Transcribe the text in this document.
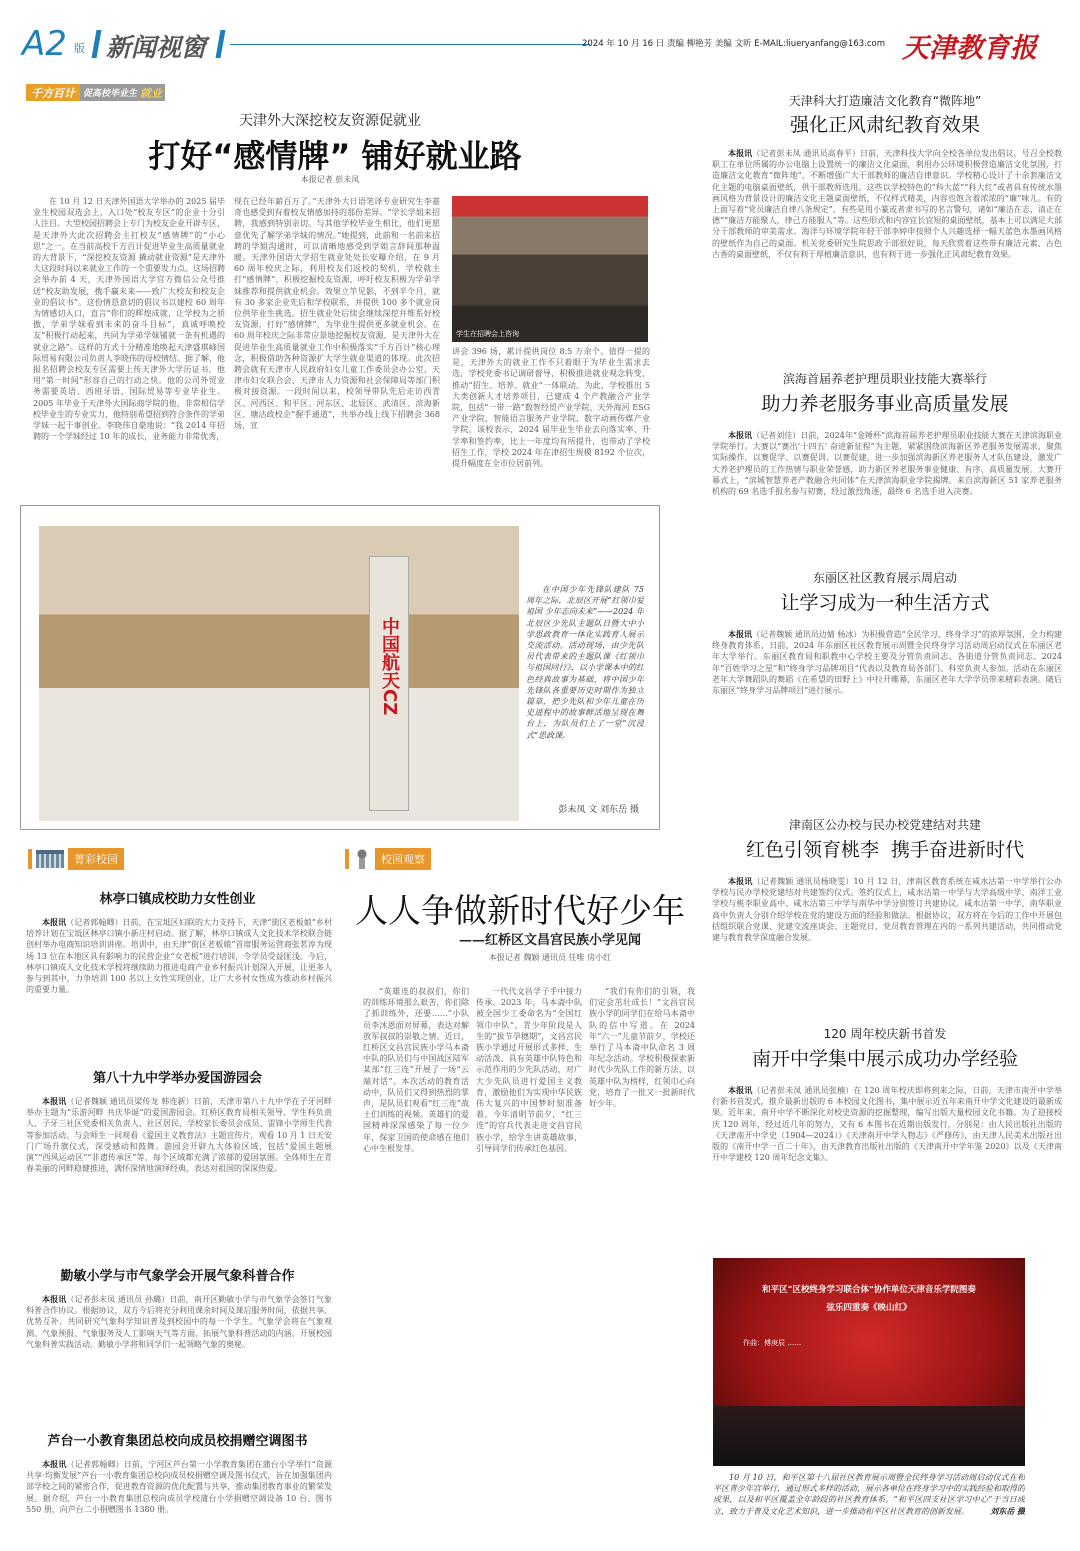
A2 版 新闻视窗	2024 年 10 月 16 日 责编 柳艳芳 美编 文昕 E-MAIL:liueryanfang@163.com 天津教育报
千方百计 促高校毕业生 就业
天津外大深挖校友资源促就业
打好“感情牌” 铺好就业路
本报记者 彭未凤
在 10 月 12 日天津外国语大学举办的 2025 届毕业生校园双选会上，入口处“校友专区”的企业十分引人注目。大型校园招聘会上专门为校友企业开辟专区，是天津外大此次招聘会主打校友“感情牌”的“小心思”之一。在当前高校千方百计促进毕业生高质量就业的大背景下，“深挖校友资源 撬动就业资源”是天津外大这段时间以来就业工作的一个重要发力点。这场招聘会举办前 4 天，天津外国语大学官方微信公众号推送“校友助发展，携手赢未来——致广大校友和校友企业的倡议书”。这份情恳意切的倡议书以建校 60 周年为情感切入口，直言“你们的辉煌成就，让学校为之骄傲，学弟学妹看到未来的奋斗目标”，真诚呼唤校友“积极行动起来，共同为学弟学妹铺就一条有机遇的就业之路”。这样的方式十分精准地唤起天津盛琪峰国际贸易有限公司负责人李晓伟的母校情结。据了解，他报名招聘会校友专区需要上传天津外大学历证书，他用“第一时间”形容自己的行动之快。他的公司外贸业务需要英语、西班牙语、国际贸易等专业毕业生。2005 年毕业于天津外大国际商学院的他，非常相信学校毕业生的专业实力，他特别希望招到符合条件的学弟学妹一起干事创业。李晓伟自豪地说：“我 2014 年招聘的一个学妹经过 10 年的成长，业务能力非常优秀，
现在已经年薪百万了。”天津外大日语笔译专业研究生李嘉奇也感受到有着校友情感加持的那份差异。“学长学姐来招聘，我感到特别亲切。与其他学校毕业生相比，他们更愿意优先了解学弟学妹的情况。”她提到，此前和一名前来招聘的学姐沟通时，可以清晰地感受到学姐言辞间那种温暖。天津外国语大学招生就业处处长安曝介绍，在 9 月 60 周年校庆之际，利用校友们返校的契机，学校就主打“感情牌”，积极挖掘校友资源，呼吁校友积极为学弟学妹推荐和提供就业机会。效果立竿见影，不到半个月，就有 30 多家企业先后和学校联系，并提供 100 多个就业岗位供毕业生挑选。招生就业处后续会继续深挖并维系好校友资源，打好“感情牌”，为毕业生提供更多就业机会。在 60 周年校庆之际非常应景地挖掘校友资源，是天津外大在促进毕业生高质量就业工作中积极落实“千方百计”核心理念，积极借助各种资源扩大学生就业渠道的体现。此次招聘会就有天津市人民政府妇女儿童工作委员会办公室、天津市妇女联合会、天津市人力资源和社会保障局等部门积极对接资源。一段时间以来，校领导带队先后走访西青区、河西区、和平区、河东区、北辰区、武清区、滨海新区、塘沽政校企“握手通道”，共举办线上线下招聘会 368 场，宣
学生在招聘会上咨询
讲会 396 场，累计提供岗位 8.5 万余个。值得一提的是，天津外大的就业工作不只着眼于为毕业生需求去选，学校党委书记调研督导，积极推进就业观念转变，推动“招生、培养、就业”一体联动。为此，学校推出 5 大类创新人才培养项目，已建成 4 个产教融合产业学院，包括“一带一路”数智经贸产业学院、天外海河 ESG 产业学院、智能语言服务产业学院、数字动画传媒产业学院。该校表示，2024 届毕业生毕业去向落实率、升学率和签约率，比上一年度均有所提升，也带动了学校招生工作，学校 2024 年在津招生规模 8192 个位次，提升幅度在全市位居前列。
中国航天CZ
在中国少年先锋队建队 75 周年之际，北辰区开展“红领巾爱祖国 少年志向未来”——2024 年北辰区少先队主题队日暨大中小学思政教育一体化实践育人展示交流活动。活动现场，由少先队员代表带来的主题队课《红领巾与祖国同行》，以小学课本中的红色经典故事为基础，将中国少年先锋队各重要历史时期作为独立篇章，把少先队和少年儿童在历史进程中的故事鲜活地呈现在舞台上，为队员们上了一堂“沉浸式”思政课。
彭未凤 文 刘东岳 摄
菁彩校园
林亭口镇成校助力女性创业
本报讯（记者郭翰卿）日前，在宝坻区妇联的大力支持下，天津“街区老板娘”乡村培养计划在宝坻区林亭口镇小新庄村启动。据了解，林亭口镇成人文化技术学校联合链创村举办电商知识培训讲座。培训中，由天津“街区老板娘”首席服务运营商张茗淳为现场 13 位在本地区具有影响力的民营企业“女老板”进行培训，令学员受益匪浅。今后，林亭口镇成人文化技术学校将继续助力推进电商产业乡村振兴计划深入开展，让更多人参与到其中，力争培训 100 名以上女性实现创业，让广大乡村女性成为推动乡村振兴的重要力量。
第八十九中学举办爱国游园会
本报讯（记者魏颖 通讯员梁传龙 韩连新）日前，天津市第八十九中学在子牙河畔举办主题为“乐游河畔 共庆华诞”的爱国游园会。红桥区教育局相关领导、学生科负责人、子牙三社区党委相关负责人、社区居民、学校家长委员会成员、雷锋小学师生代表等参加活动。与会师生一同观看《爱国主义教育法》主题宣传片，观看 10 月 1 日天安门广场升旗仪式，深受感动和鼓舞。游园会开辟九大体验区域，包括“爱国主题展演”“西风运动区”“非遗传承区”等，每个区域都充满了浓郁的爱国氛围。全体师生在青春美丽的河畔稳健推进，满怀深情地演绎经典，表达对祖国的深深热爱。
勤敏小学与市气象学会开展气象科普合作
本报讯（记者彭未凤 通讯员 孙璐）日前，南开区勤敏小学与市气象学会签订气象科普合作协议。根据协议，双方今后将充分利用课余时间及课后服务时间，依据共享、优势互补、共同研究气象科学知识普及到校园中的每一个学生。气象学会将在气象观测、气象预报、气象服务及人工影响天气等方面，拓展气象科普活动的内涵，开展校园气象科普实践活动。勤敏小学将和同学们一起领略气象的奥秘。
芦台一小教育集团总校向成员校捐赠空调图书
本报讯（记者郭翰卿）日前，宁河区芦台第一小学教育集团在蒲台小学举行“资源共享·均衡发展”芦台一小教育集团总校向成员校捐赠空调及图书仪式，旨在加强集团内部学校之间的紧密合作，促进教育资源的优化配置与共享，推动集团教育事业的繁荣发展。据介绍，芦台一小教育集团总校向成员学校蒲台小学捐赠空调设备 10 台、图书 550 册，向芦台二小捐赠图书 1380 册。
校园观察
人人争做新时代好少年
——红桥区文昌宫民族小学见闻
本报记者 魏颖 通讯员 任唯 房小红
“英雄连的叔叔们，你们的训练环境那么艰苦，你们除了抓训练外，还要……”小队员李沐恩面对屏幕，表达对解放军叔叔的崇敬之情。近日，红桥区文昌宫民族小学马本斋中队的队员们与中国战区陆军某部“红三连”开展了一场“云端对话”。本次活动的教育活动中，队员们又得到热烈的掌声，是队员们观看“红三连”战士们训练的视频。英雄们的爱国精神深深感染了每一位少年，保家卫国的使命感在他们心中生根发芽。
一代代文昌学子手中接力传承。2023 年，马本斋中队被全国少工委命名为“全国红领巾中队”。青少年阶段是人生的“拔节孕穗期”，文昌宫民族小学通过开展形式多样、生动活泼、具有英雄中队特色和示范作用的少先队活动，对广大少先队员进行爱国主义教育，激励他们为实现中华民族伟大复兴的中国梦时刻准备着。今年清明节前夕，“红三连”的官兵代表走进文昌宫民族小学，给学生讲英雄故事，引导同学们传承红色基因。
“我们有你们的引领，我们定会茁壮成长！”文昌宫民族小学的同学们在给马本斋中队的信中写道。在 2024 年“六一”儿童节前夕，学校还举行了马本斋中队命名 3 周年纪念活动。学校积极探索新时代少先队工作的新方法，以英雄中队为榜样，红领巾心向党，培育了一批又一批新时代好少年。
天津科大打造廉洁文化教育“微阵地”
强化正风肃纪教育效果
本报讯（记者彭未凤 通讯员高春平）日前，天津科技大学向全校各单位发出倡议，号召全校教职工在单位所属的办公电脑上设置统一的廉洁文化桌面，利用办公环境积极营造廉洁文化氛围，打造廉洁文化教育“微阵地”，不断增强广大干部教师的廉洁自律意识。学校精心设计了十余套廉洁文化主题的电脑桌面壁纸，供干部教师选用。这些以学校特色的“科大蓝”“科大红”或者具有传统水墨画风格为背景设计的廉洁文化主题桌面壁纸，不仅样式精美，内容也饱含着浓浓的“廉”味儿。有的上面写着“党员廉洁自律八条规定”，有些是用小篆或者隶书写的名言警句，诸如“廉洁在志，清正在德”“廉洁方能聚人，律己方能服人”等。这些形式和内容宜长宜短的桌面壁纸，基本上可以满足大部分干部教师的审美需求。海洋与环境学院年轻干部李婷申按照个人兴趣选择一幅天蓝色水墨画风格的壁纸作为自己的桌面。机关党委研究生院思政干部很好说，每天欣赏着这些带有廉洁元素、古色古香的桌面壁纸，不仅有利于厚植廉洁意识，也有利于进一步强化正风肃纪教育效果。
滨海首届养老护理员职业技能大赛举行
助力养老服务事业高质量发展
本报讯（记者刘佳）日前，2024年“金锤杯”滨海首届养老护理员职业技能大赛在天津滨海职业学院举行。大赛以“赛出‘十四五’ 奋进新征程”为主题，紧紧围绕滨海新区养老服务发展需求，聚焦实际操作，以赛促学、以赛促训、以赛促建，进一步加强滨海新区养老服务人才队伍建设，激发广大养老护理员的工作热情与职业荣誉感，助力新区养老服务事业健康、有序、高质量发展。大赛开幕式上，“滨城智慧养老产教融合共同体”在天津滨海职业学院揭牌。来自滨海新区 51 家养老服务机构的 69 名选手报名参与初赛，经过激烈角逐，最终 6 名选手进入决赛。
东丽区社区教育展示周启动
让学习成为一种生活方式
本报讯（记者魏颖 通讯员边婧 杨冰）为积极营造“全民学习、终身学习”的浓厚氛围，全力构建终身教育体系，日前，2024 年东丽区社区教育展示周暨全民终身学习活动周启动仪式在东丽区老年大学举行。东丽区教育局和职教中心学校主要及分管负责同志、各街道分管负责同志、2024 年“百姓学习之星”和“终身学习品牌项目”代表以及教育局各部门、科室负责人参加。活动在东丽区老年大学舞蹈队的舞蹈《在希望的田野上》中拉开帷幕，东丽区老年大学学员带来精彩表演。随后东丽区“终身学习品牌项目”进行展示。
津南区公办校与民办校党建结对共建
红色引领育桃李  携手奋进新时代
本报讯（记者魏颖 通讯员杨晓雯）10 月 12 日，津南区教育系统在咸水沽第一中学举行公办学校与民办学校党建结对共建签约仪式。签约仪式上，咸水沽第一中学与大学高级中学、南洋工业学校与桃李职业高中、咸水沽第三中学与南华中学分别签订共建协议。咸水沽第一中学、南华职业高中负责人分别介绍学校在党的建设方面的经验和做法。根据协议，双方将在今后的工作中开展包括组织联合党课、党建交流座谈会、主题党日、党员教育管理在内的一系列共建活动，共同推动党建与教育教学深度融合发展。
120 周年校庆新书首发
南开中学集中展示成功办学经验
本报讯（记者彭未凤 通讯员张楠）在 120 周年校庆即将到来之际，日前，天津市南开中学举行新书首发式，推介最新出版的 6 本校园文化图书，集中展示近五年来南开中学文化建设的最新成果。近年来，南开中学不断深化对校史资源的挖掘整理，编写出版大量校园文化书籍。为了迎接校庆 120 周年，经过近几年的努力，又有 6 本图书在近期出版发行，分别是：由人民出版社出版的《天津南开中学史（1904—2024）》《天津南开中学人物志》《严修传》，由天津人民美术出版社出版的《南开中学一百二十年》，由天津教育出版社出版的《天津南开中学年鉴 2020》以及《天津南开中学建校 120 周年纪念文集》。
和平区“区校终身学习联合体”协作单位天津音乐学院图奏
弦乐四重奏《映山红》
作曲：傅庚辰 ……
10 月 10 日，和平区第十八届社区教育展示周暨全民终身学习活动周启动仪式在和平区青少年宫举行，通过形式多样的活动，展示各单位在终身学习中的实践经验和取得的成果，以及和平区覆盖全年龄段的社区教育体系。“和平区四支社区学习中心”于当日成立，致力于普及文化艺术知识，进一步推动和平区社区教育的创新发展。	刘东岳 摄
